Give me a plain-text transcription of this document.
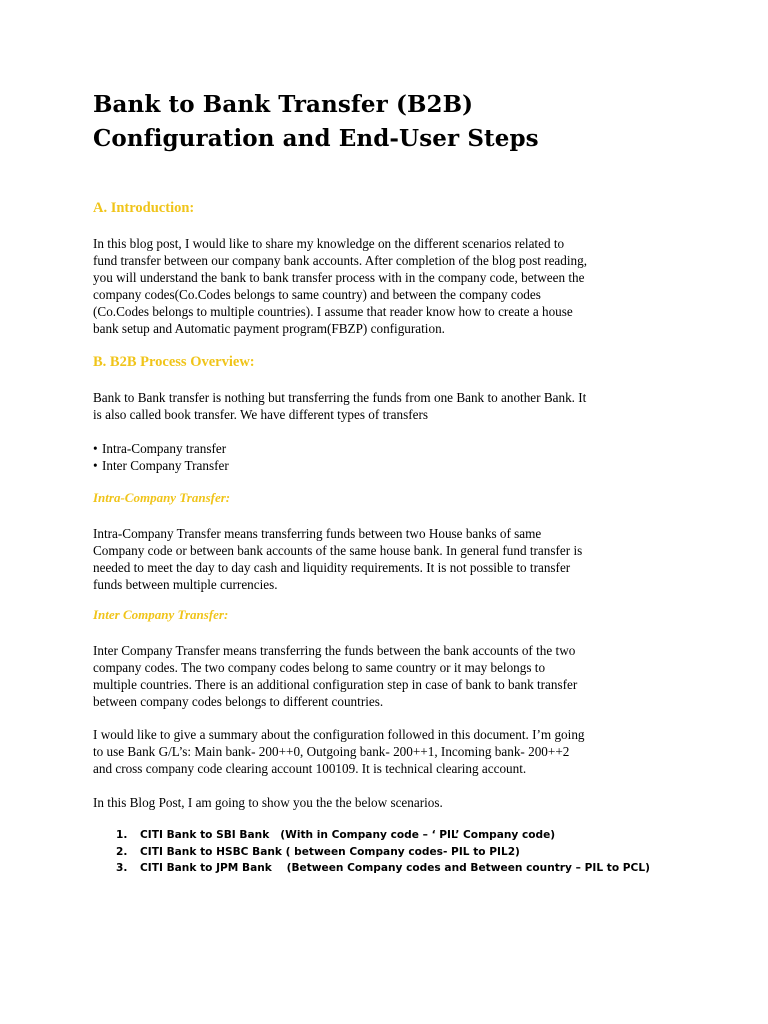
Bank to Bank Transfer (B2B)
Configuration and End-User Steps
A. Introduction:
In this blog post, I would like to share my knowledge on the different scenarios related to
fund transfer between our company bank accounts. After completion of the blog post reading,
you will understand the bank to bank transfer process with in the company code, between the
company codes(Co.Codes belongs to same country) and between the company codes
(Co.Codes belongs to multiple countries). I assume that reader know how to create a house
bank setup and Automatic payment program(FBZP) configuration.
B. B2B Process Overview:
Bank to Bank transfer is nothing but transferring the funds from one Bank to another Bank. It
is also called book transfer. We have different types of transfers
• Intra-Company transfer
• Inter Company Transfer
Intra-Company Transfer:
Intra-Company Transfer means transferring funds between two House banks of same
Company code or between bank accounts of the same house bank. In general fund transfer is
needed to meet the day to day cash and liquidity requirements. It is not possible to transfer
funds between multiple currencies.
Inter Company Transfer:
Inter Company Transfer means transferring the funds between the bank accounts of the two
company codes. The two company codes belong to same country or it may belongs to
multiple countries. There is an additional configuration step in case of bank to bank transfer
between company codes belongs to different countries.
I would like to give a summary about the configuration followed in this document. I’m going
to use Bank G/L’s: Main bank- 200++0, Outgoing bank- 200++1, Incoming bank- 200++2
and cross company code clearing account 100109. It is technical clearing account.
In this Blog Post, I am going to show you the the below scenarios.
1. CITI Bank to SBI Bank   (With in Company code – ‘ PIL’ Company code)
2. CITI Bank to HSBC Bank ( between Company codes- PIL to PIL2)
3. CITI Bank to JPM Bank    (Between Company codes and Between country – PIL to PCL)
